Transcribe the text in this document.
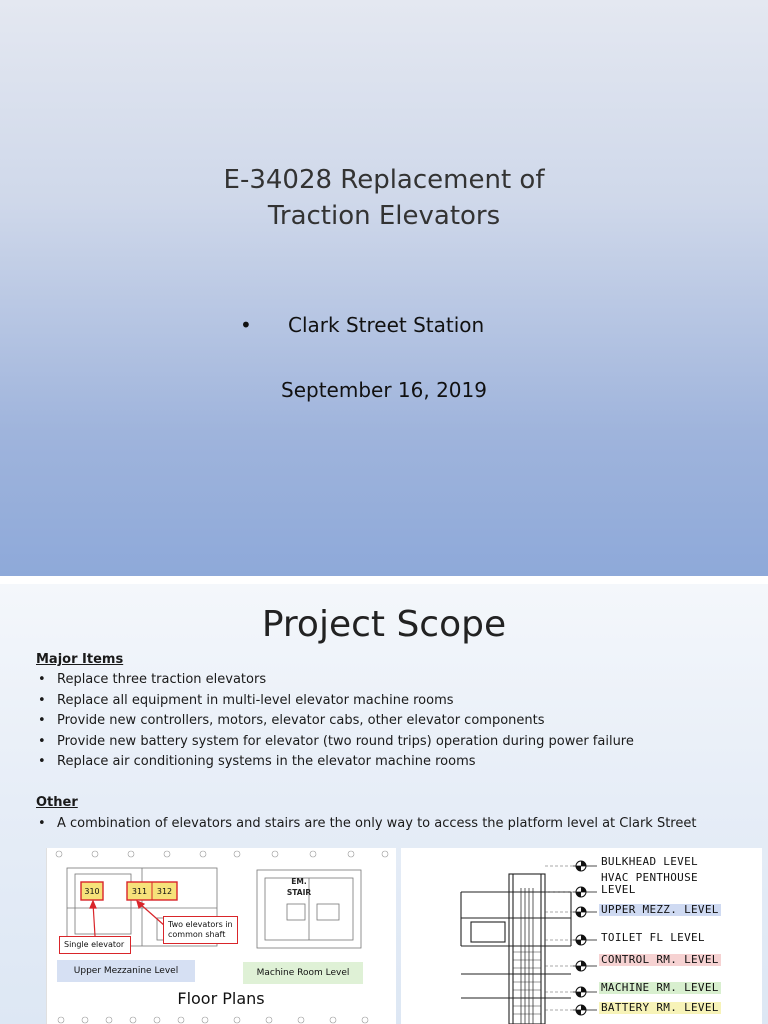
E-34028 Replacement of
Traction Elevators
• Clark Street Station
September 16, 2019
Project Scope
Major Items
• Replace three traction elevators
• Replace all equipment in multi-level elevator machine rooms
• Provide new controllers, motors, elevator cabs, other elevator components
• Provide new battery system for elevator (two round trips) operation during power failure
• Replace air conditioning systems in the elevator machine rooms
Other
• A combination of elevators and stairs are the only way to access the platform level at Clark Street
310	311	312
EM.
STAIR
Single elevator
Two elevators in common shaft
Upper Mezzanine Level	Machine Room Level
Floor Plans
BULKHEAD LEVEL
HVAC PENTHOUSE
LEVEL
UPPER MEZZ. LEVEL
TOILET FL LEVEL
CONTROL RM. LEVEL
MACHINE RM. LEVEL
BATTERY RM. LEVEL
